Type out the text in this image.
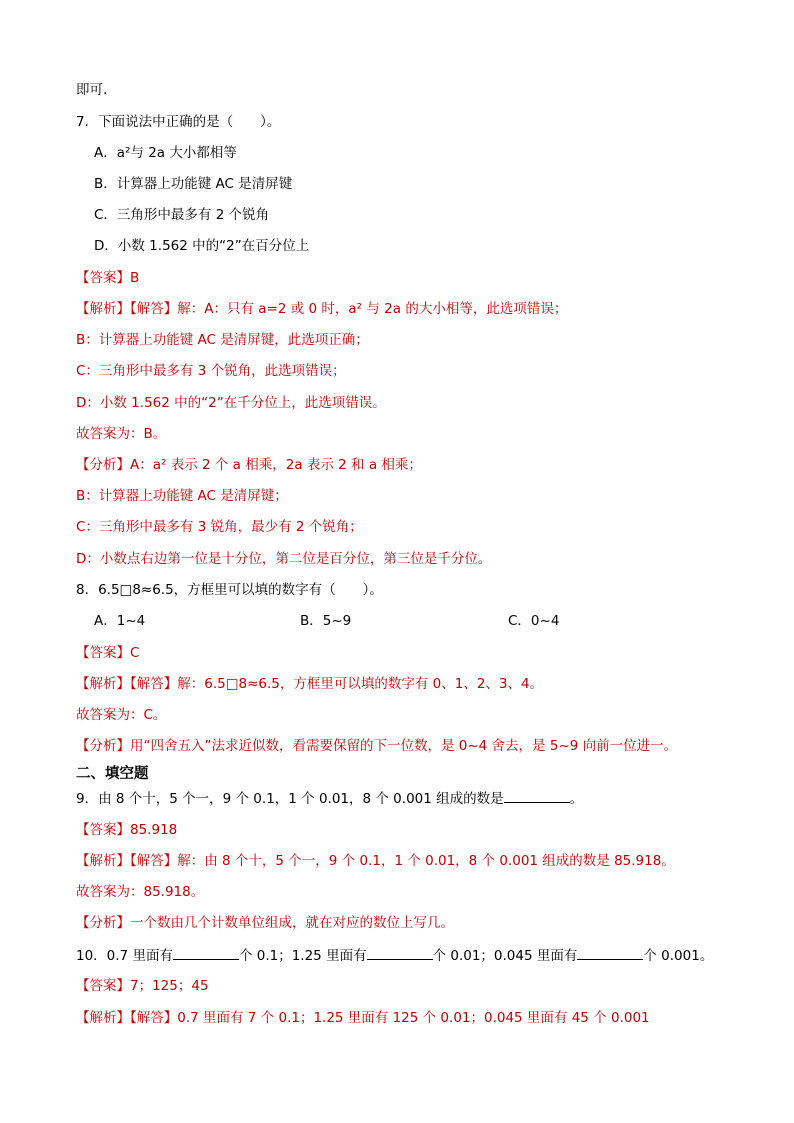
即可.
7．下面说法中正确的是（　　）。
A．a²与 2a 大小都相等
B．计算器上功能键 AC 是清屏键
C．三角形中最多有 2 个锐角
D．小数 1.562 中的“2”在百分位上
【答案】B
【解析】【解答】解：A：只有 a=2 或 0 时，a² 与 2a 的大小相等，此选项错误；
B：计算器上功能键 AC 是清屏键，此选项正确；
C：三角形中最多有 3 个锐角，此选项错误；
D：小数 1.562 中的“2”在千分位上，此选项错误。
故答案为：B。
【分析】A：a² 表示 2 个 a 相乘，2a 表示 2 和 a 相乘；
B：计算器上功能键 AC 是清屏键；
C：三角形中最多有 3 锐角，最少有 2 个锐角；
D：小数点右边第一位是十分位，第二位是百分位，第三位是千分位。
8．6.5□8≈6.5，方框里可以填的数字有（　　）。
A．1~4	B．5~9	C．0~4
【答案】C
【解析】【解答】解：6.5□8≈6.5，方框里可以填的数字有 0、1、2、3、4。
故答案为：C。
【分析】用“四舍五入”法求近似数，看需要保留的下一位数，是 0~4 舍去，是 5~9 向前一位进一。
二、填空题
9．由 8 个十，5 个一，9 个 0.1，1 个 0.01，8 个 0.001 组成的数是	。
【答案】85.918
【解析】【解答】解：由 8 个十，5 个一，9 个 0.1，1 个 0.01，8 个 0.001 组成的数是 85.918。
故答案为：85.918。
【分析】一个数由几个计数单位组成，就在对应的数位上写几。
10．0.7 里面有	个 0.1；1.25 里面有	个 0.01；0.045 里面有	个 0.001。
【答案】7；125；45
【解析】【解答】0.7 里面有 7 个 0.1；1.25 里面有 125 个 0.01；0.045 里面有 45 个 0.001
